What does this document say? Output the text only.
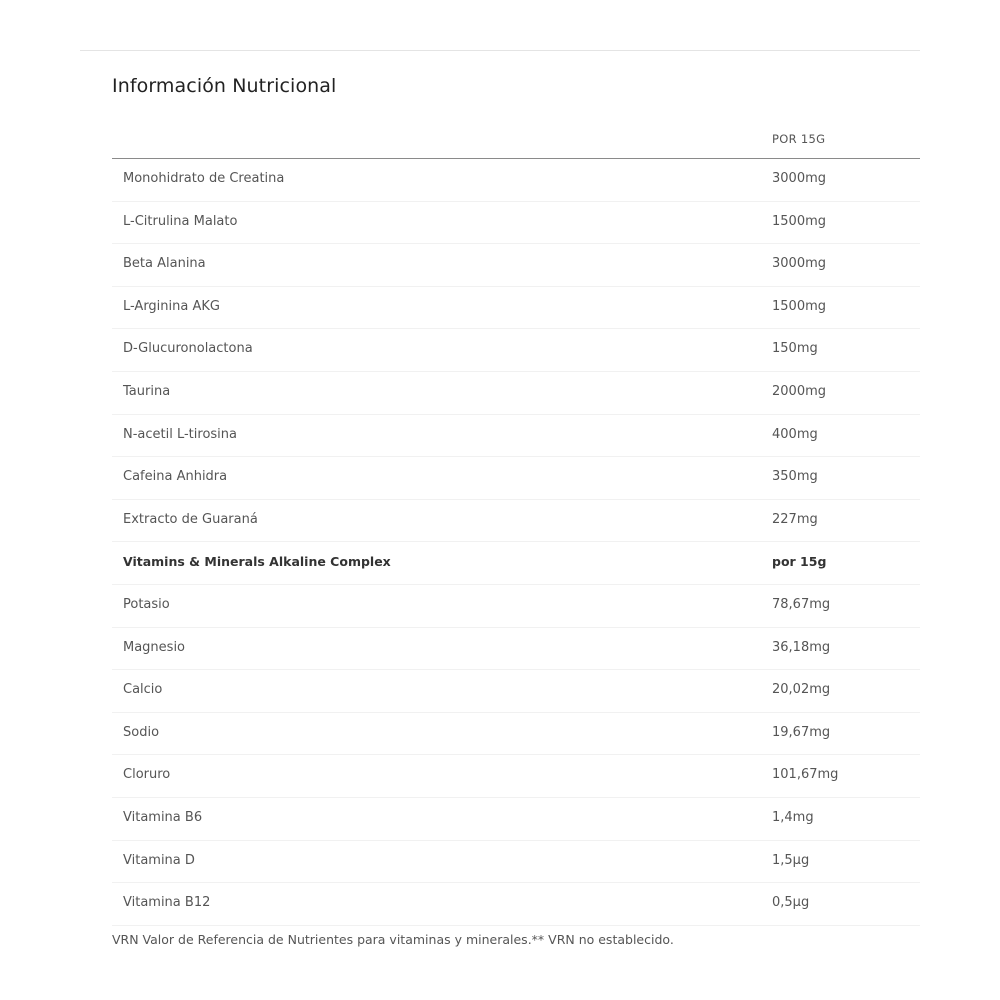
Información Nutricional
POR 15G
Monohidrato de Creatina	3000mg
L-Citrulina Malato	1500mg
Beta Alanina	3000mg
L-Arginina AKG	1500mg
D-Glucuronolactona	150mg
Taurina	2000mg
N-acetil L-tirosina	400mg
Cafeina Anhidra	350mg
Extracto de Guaraná	227mg
Vitamins & Minerals Alkaline Complex	por 15g
Potasio	78,67mg
Magnesio	36,18mg
Calcio	20,02mg
Sodio	19,67mg
Cloruro	101,67mg
Vitamina B6	1,4mg
Vitamina D	1,5µg
Vitamina B12	0,5µg
VRN Valor de Referencia de Nutrientes para vitaminas y minerales.** VRN no establecido.
